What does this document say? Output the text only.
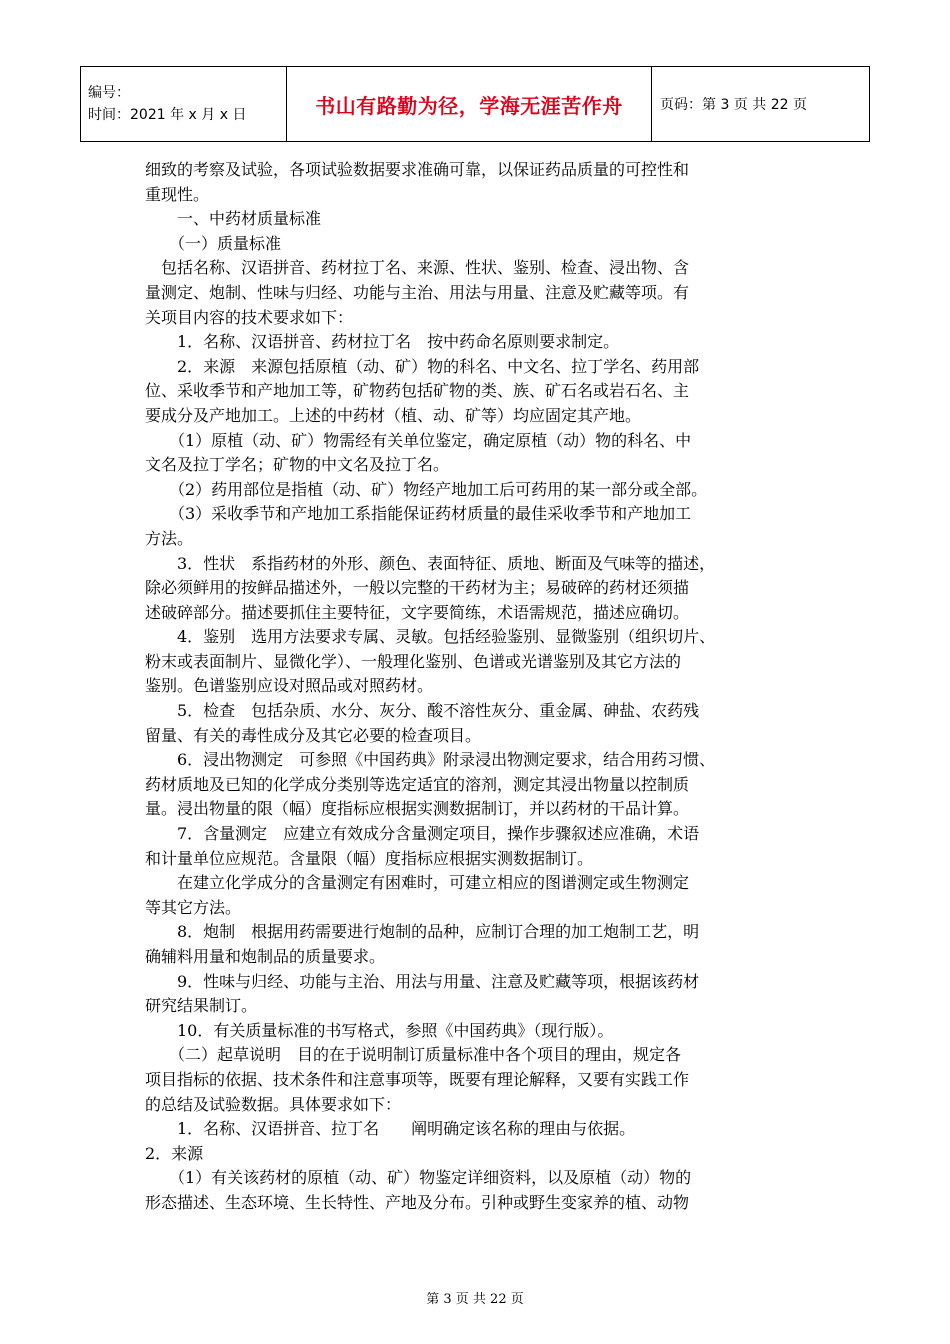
编号：
时间：2021 年 x 月 x 日	书山有路勤为径，学海无涯苦作舟	页码：第 3 页 共 22 页

细致的考察及试验，各项试验数据要求准确可靠，以保证药品质量的可控性和

重现性。

　　一、中药材质量标准

　　（一）质量标准

　包括名称、汉语拼音、药材拉丁名、来源、性状、鉴别、检查、浸出物、含

量测定、炮制、性味与归经、功能与主治、用法与用量、注意及贮藏等项。有

关项目内容的技术要求如下：

　　1．名称、汉语拼音、药材拉丁名　按中药命名原则要求制定。

　　2．来源　来源包括原植（动、矿）物的科名、中文名、拉丁学名、药用部

位、采收季节和产地加工等，矿物药包括矿物的类、族、矿石名或岩石名、主

要成分及产地加工。上述的中药材（植、动、矿等）均应固定其产地。

　　（1）原植（动、矿）物需经有关单位鉴定，确定原植（动）物的科名、中

文名及拉丁学名；矿物的中文名及拉丁名。

　　（2）药用部位是指植（动、矿）物经产地加工后可药用的某一部分或全部。

　　（3）采收季节和产地加工系指能保证药材质量的最佳采收季节和产地加工

方法。

　　3．性状　系指药材的外形、颜色、表面特征、质地、断面及气味等的描述，

除必须鲜用的按鲜品描述外，一般以完整的干药材为主；易破碎的药材还须描

述破碎部分。描述要抓住主要特征，文字要简练，术语需规范，描述应确切。

　　4．鉴别　选用方法要求专属、灵敏。包括经验鉴别、显微鉴别（组织切片、

粉末或表面制片、显微化学）、一般理化鉴别、色谱或光谱鉴别及其它方法的

鉴别。色谱鉴别应设对照品或对照药材。

　　5．检查　包括杂质、水分、灰分、酸不溶性灰分、重金属、砷盐、农药残

留量、有关的毒性成分及其它必要的检查项目。

　　6．浸出物测定　可参照《中国药典》附录浸出物测定要求，结合用药习惯、

药材质地及已知的化学成分类别等选定适宜的溶剂，测定其浸出物量以控制质

量。浸出物量的限（幅）度指标应根据实测数据制订，并以药材的干品计算。

　　7．含量测定　应建立有效成分含量测定项目，操作步骤叙述应准确，术语

和计量单位应规范。含量限（幅）度指标应根据实测数据制订。

　　在建立化学成分的含量测定有困难时，可建立相应的图谱测定或生物测定

等其它方法。

　　8．炮制　根据用药需要进行炮制的品种，应制订合理的加工炮制工艺，明

确辅料用量和炮制品的质量要求。

　　9．性味与归经、功能与主治、用法与用量、注意及贮藏等项，根据该药材

研究结果制订。

　　10．有关质量标准的书写格式，参照《中国药典》（现行版）。

　　（二）起草说明　目的在于说明制订质量标准中各个项目的理由，规定各

项目指标的依据、技术条件和注意事项等，既要有理论解释，又要有实践工作

的总结及试验数据。具体要求如下：

　　1．名称、汉语拼音、拉丁名　　阐明确定该名称的理由与依据。

2．来源

　　（1）有关该药材的原植（动、矿）物鉴定详细资料，以及原植（动）物的

形态描述、生态环境、生长特性、产地及分布。引种或野生变家养的植、动物

第 3 页 共 22 页
